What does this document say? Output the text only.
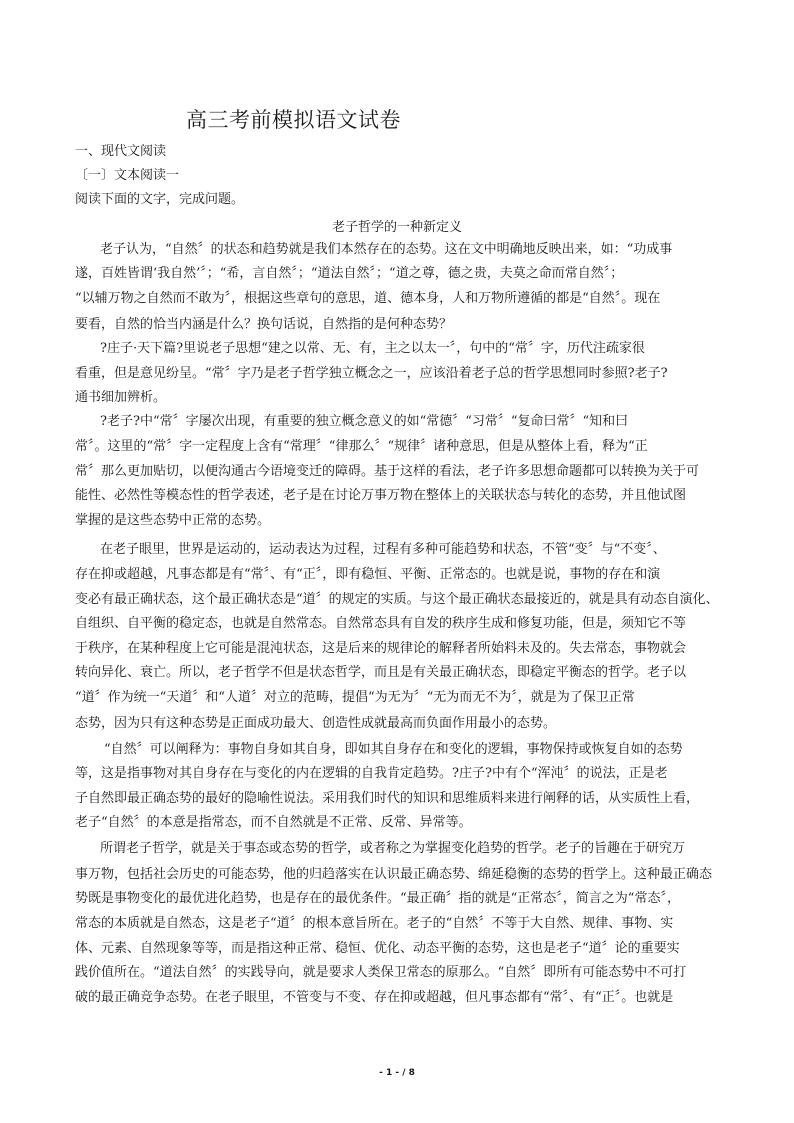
高三考前模拟语文试卷
一、现代文阅读
〔一〕文本阅读一
阅读下面的文字，完成问题。
老子哲学的一种新定义
老子认为，“自然〞的状态和趋势就是我们本然存在的态势。这在文中明确地反映出来，如：“功成事
遂，百姓皆谓‘我自然’〞；“希，言自然〞；“道法自然〞；“道之尊，德之贵，夫莫之命而常自然〞；
“以辅万物之自然而不敢为〞，根据这些章句的意思，道、德本身，人和万物所遵循的都是“自然〞。现在
要看，自然的恰当内涵是什么？换句话说，自然指的是何种态势？
?庄子·天下篇?里说老子思想“建之以常、无、有，主之以太一〞，句中的“常〞字，历代注疏家很
看重，但是意见纷呈。“常〞字乃是老子哲学独立概念之一，应该沿着老子总的哲学思想同时参照?老子?
通书细加辨析。
?老子?中“常〞字屡次出现，有重要的独立概念意义的如“常德〞“习常〞“复命曰常〞“知和曰
常〞。这里的“常〞字一定程度上含有“常理〞“律那么〞“规律〞诸种意思，但是从整体上看，释为“正
常〞那么更加贴切，以便沟通古今语境变迁的障碍。基于这样的看法，老子许多思想命题都可以转换为关于可
能性、必然性等模态性的哲学表述，老子是在讨论万事万物在整体上的关联状态与转化的态势，并且他试图
掌握的是这些态势中正常的态势。
在老子眼里，世界是运动的，运动表达为过程，过程有多种可能趋势和状态，不管“变〞与“不变〞、
存在抑或超越，凡事态都是有“常〞、有“正〞，即有稳恒、平衡、正常态的。也就是说，事物的存在和演
变必有最正确状态，这个最正确状态是“道〞的规定的实质。与这个最正确状态最接近的，就是具有动态自演化、
自组织、自平衡的稳定态，也就是自然常态。自然常态具有自发的秩序生成和修复功能，但是，须知它不等
于秩序，在某种程度上它可能是混沌状态，这是后来的规律论的解释者所始料未及的。失去常态，事物就会
转向异化、衰亡。所以，老子哲学不但是状态哲学，而且是有关最正确状态，即稳定平衡态的哲学。老子以
“道〞作为统一“天道〞和“人道〞对立的范畴，提倡“为无为〞“无为而无不为〞，就是为了保卫正常
态势，因为只有这种态势是正面成功最大、创造性成就最高而负面作用最小的态势。
“自然〞可以阐释为：事物自身如其自身，即如其自身存在和变化的逻辑，事物保持或恢复自如的态势
等，这是指事物对其自身存在与变化的内在逻辑的自我肯定趋势。?庄子?中有个“浑沌〞的说法，正是老
子自然即最正确态势的最好的隐喻性说法。采用我们时代的知识和思维质料来进行阐释的话，从实质性上看，
老子“自然〞的本意是指常态，而不自然就是不正常、反常、异常等。
所谓老子哲学，就是关于事态或态势的哲学，或者称之为掌握变化趋势的哲学。老子的旨趣在于研究万
事万物，包括社会历史的可能态势，他的归趋落实在认识最正确态势、绵延稳衡的态势的哲学上。这种最正确态
势既是事物变化的最优进化趋势，也是存在的最优条件。“最正确〞指的就是“正常态〞，简言之为“常态〞，
常态的本质就是自然态，这是老子“道〞的根本意旨所在。老子的“自然〞不等于大自然、规律、事物、实
体、元素、自然现象等等，而是指这种正常、稳恒、优化、动态平衡的态势，这也是老子“道〞论的重要实
践价值所在。“道法自然〞的实践导向，就是要求人类保卫常态的原那么。“自然〞即所有可能态势中不可打
破的最正确竞争态势。在老子眼里，不管变与不变、存在抑或超越，但凡事态都有“常〞、有“正〞。也就是
- 1 - / 8
